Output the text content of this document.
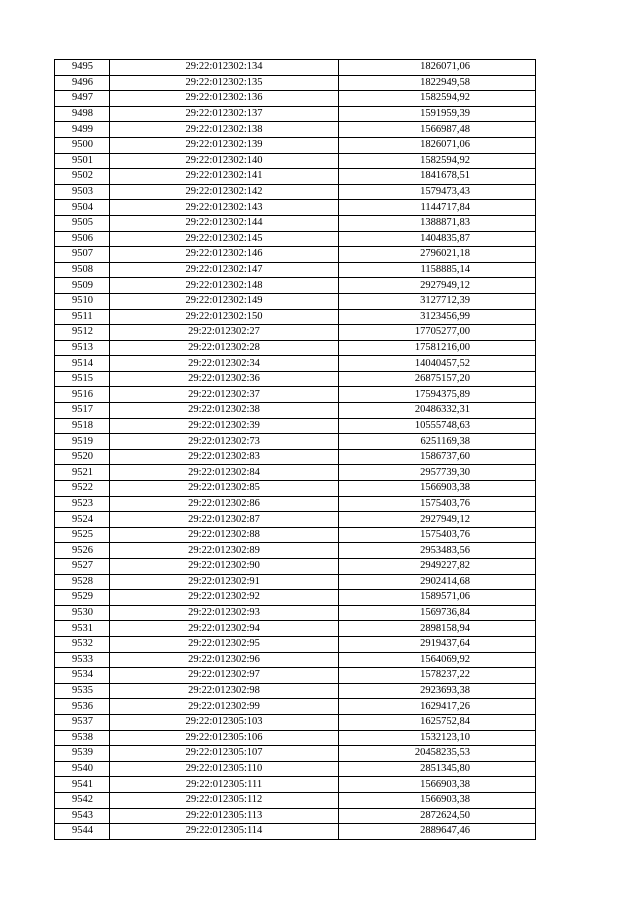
9495	29:22:012302:134	1826071,06
9496	29:22:012302:135	1822949,58
9497	29:22:012302:136	1582594,92
9498	29:22:012302:137	1591959,39
9499	29:22:012302:138	1566987,48
9500	29:22:012302:139	1826071,06
9501	29:22:012302:140	1582594,92
9502	29:22:012302:141	1841678,51
9503	29:22:012302:142	1579473,43
9504	29:22:012302:143	1144717,84
9505	29:22:012302:144	1388871,83
9506	29:22:012302:145	1404835,87
9507	29:22:012302:146	2796021,18
9508	29:22:012302:147	1158885,14
9509	29:22:012302:148	2927949,12
9510	29:22:012302:149	3127712,39
9511	29:22:012302:150	3123456,99
9512	29:22:012302:27	17705277,00
9513	29:22:012302:28	17581216,00
9514	29:22:012302:34	14040457,52
9515	29:22:012302:36	26875157,20
9516	29:22:012302:37	17594375,89
9517	29:22:012302:38	20486332,31
9518	29:22:012302:39	10555748,63
9519	29:22:012302:73	6251169,38
9520	29:22:012302:83	1586737,60
9521	29:22:012302:84	2957739,30
9522	29:22:012302:85	1566903,38
9523	29:22:012302:86	1575403,76
9524	29:22:012302:87	2927949,12
9525	29:22:012302:88	1575403,76
9526	29:22:012302:89	2953483,56
9527	29:22:012302:90	2949227,82
9528	29:22:012302:91	2902414,68
9529	29:22:012302:92	1589571,06
9530	29:22:012302:93	1569736,84
9531	29:22:012302:94	2898158,94
9532	29:22:012302:95	2919437,64
9533	29:22:012302:96	1564069,92
9534	29:22:012302:97	1578237,22
9535	29:22:012302:98	2923693,38
9536	29:22:012302:99	1629417,26
9537	29:22:012305:103	1625752,84
9538	29:22:012305:106	1532123,10
9539	29:22:012305:107	20458235,53
9540	29:22:012305:110	2851345,80
9541	29:22:012305:111	1566903,38
9542	29:22:012305:112	1566903,38
9543	29:22:012305:113	2872624,50
9544	29:22:012305:114	2889647,46
